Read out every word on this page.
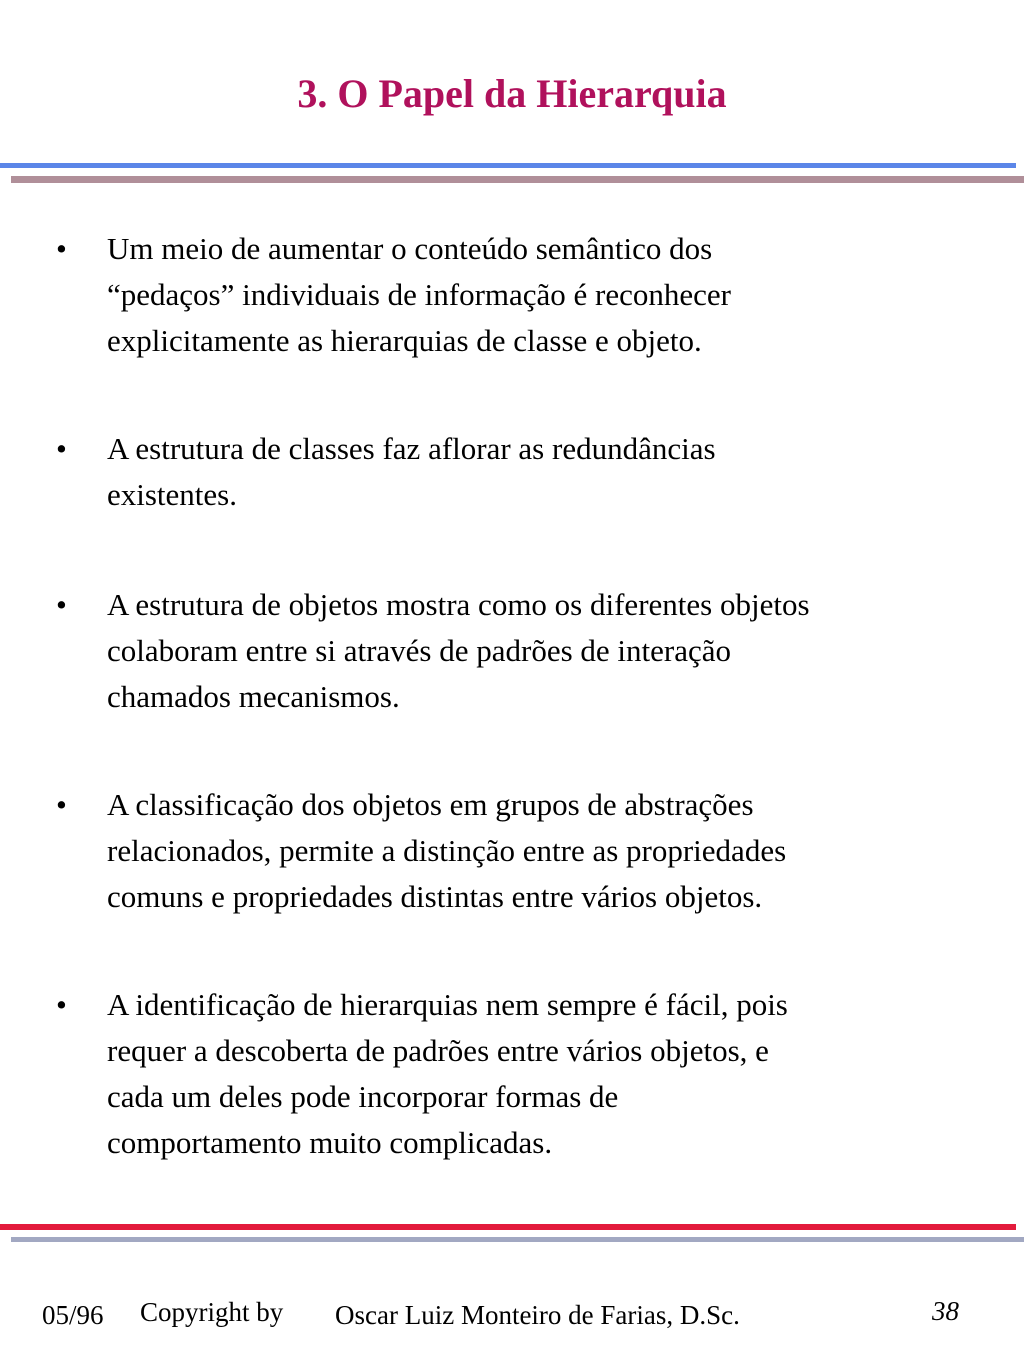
3. O Papel da Hierarquia
• Um meio de aumentar o conteúdo semântico dos
“pedaços” individuais de informação é reconhecer
explicitamente as hierarquias de classe e objeto.
• A estrutura de classes faz aflorar as redundâncias
existentes.
• A estrutura de objetos mostra como os diferentes objetos
colaboram entre si através de padrões de interação
chamados mecanismos.
• A classificação dos objetos em grupos de abstrações
relacionados, permite a distinção entre as propriedades
comuns e propriedades distintas entre vários objetos.
• A identificação de hierarquias nem sempre é fácil, pois
requer a descoberta de padrões entre vários objetos, e
cada um deles pode incorporar formas de
comportamento muito complicadas.
05/96 Copyright by Oscar Luiz Monteiro de Farias, D.Sc.	38
